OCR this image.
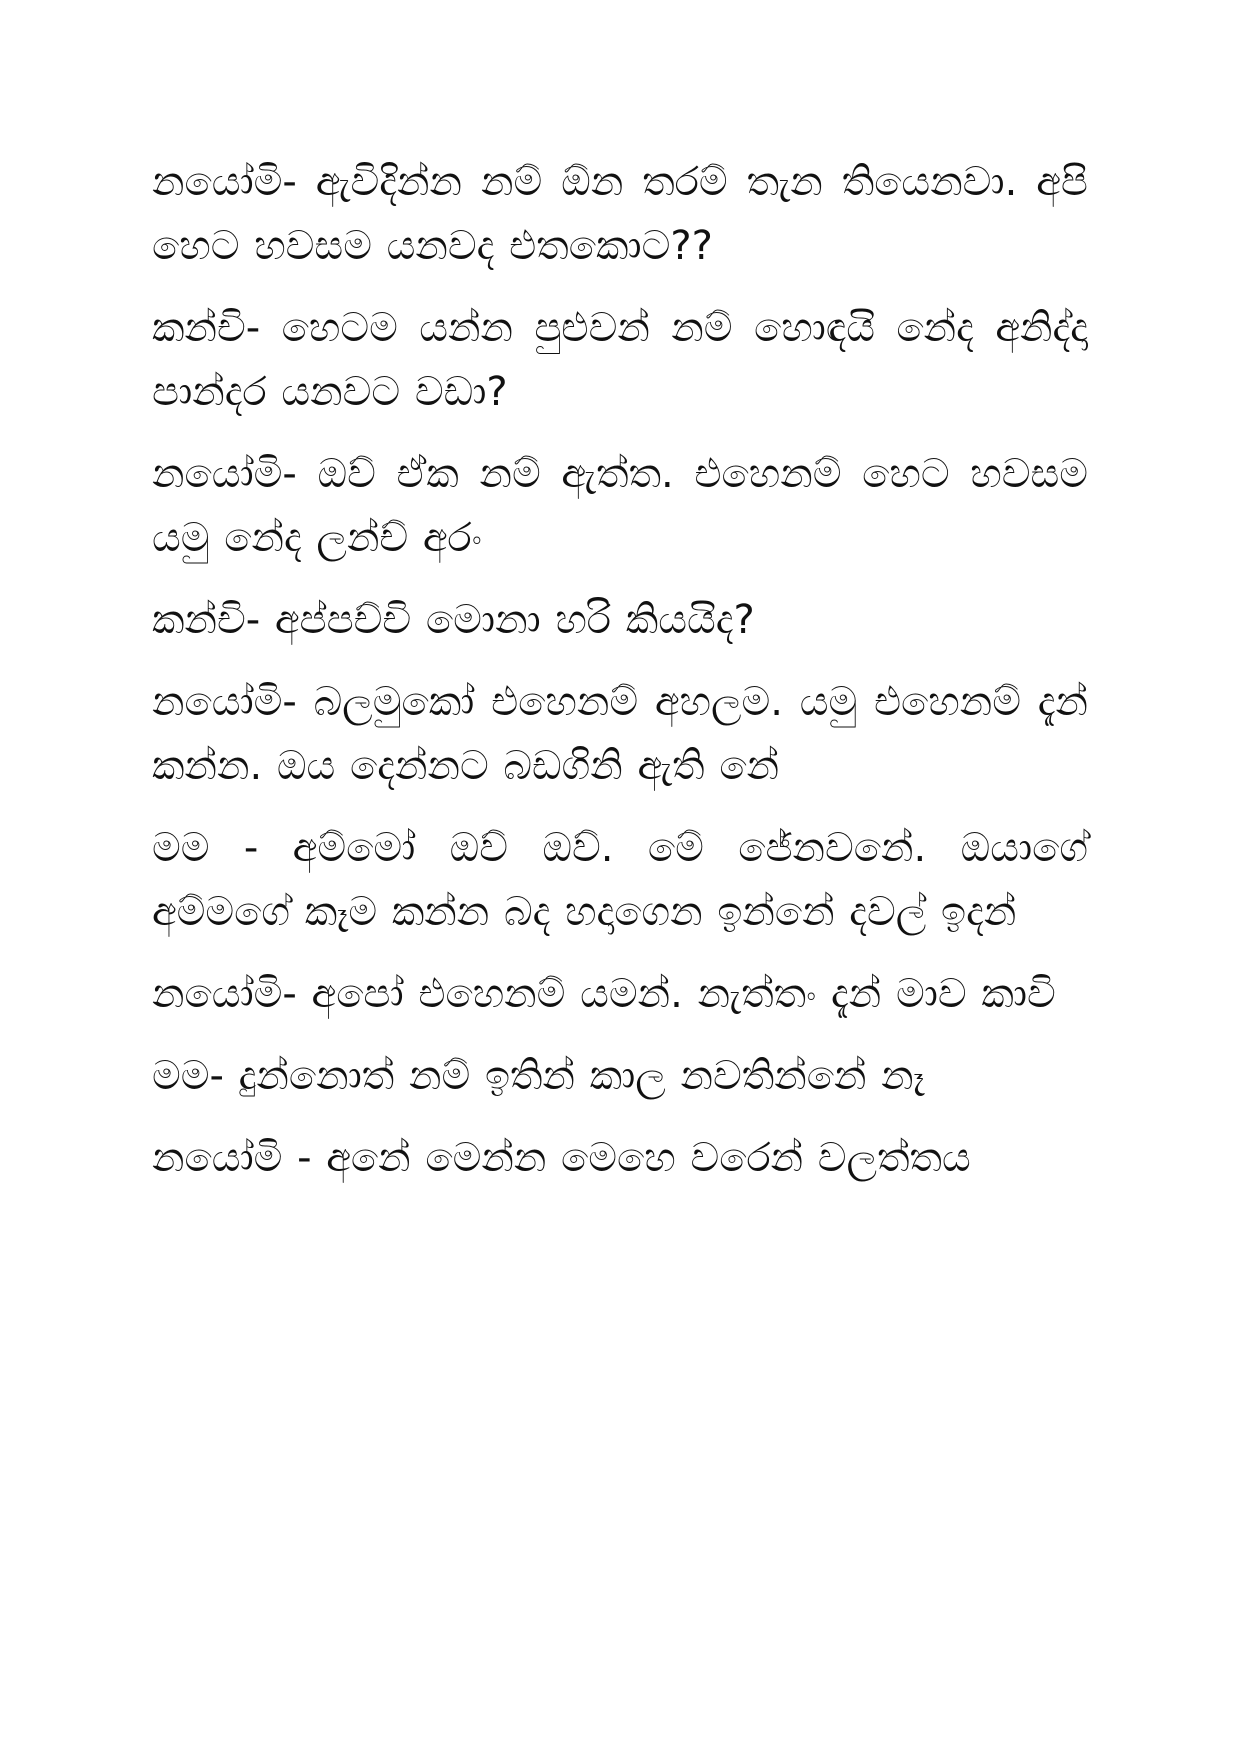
නයෝමි- ඇවිදින්න නම් ඕන තරම් තැන තියෙනවා. අපි හෙට හවසම යනවද එතකොට??

කන්චි- හෙටම යන්න පුළුවන් නම් හොඳයි නේද අනිද්දා පාන්දර යනවට වඩා?

නයෝමි- ඔව් ඒක නම් ඇත්ත. එහෙනම් හෙට හවසම යමු නේද ලන්ච් අරං

කන්චි- අප්පච්චි මොනා හරි කියයිද?

නයෝමි- බලමුකෝ එහෙනම් අහලම. යමු එහෙනම් දැන් කන්න. ඔය දෙන්නට බඩගිනි ඇති නේ

මම - අම්මෝ ඔව් ඔව්. මේ ජේනවනේ. ඔයාගේ අම්මගේ කෑම කන්න බද හදාගෙන ඉන්නේ දවල් ඉදන්

නයෝමි- අපෝ එහෙනම් යමන්. නැත්තං දැන් මාව කාවි

මම- දුන්නොත් නම් ඉතින් කාල නවතින්නේ නෑ

නයෝමි - අනේ මෙන්න මෙහෙ වරෙන් වලත්තය
